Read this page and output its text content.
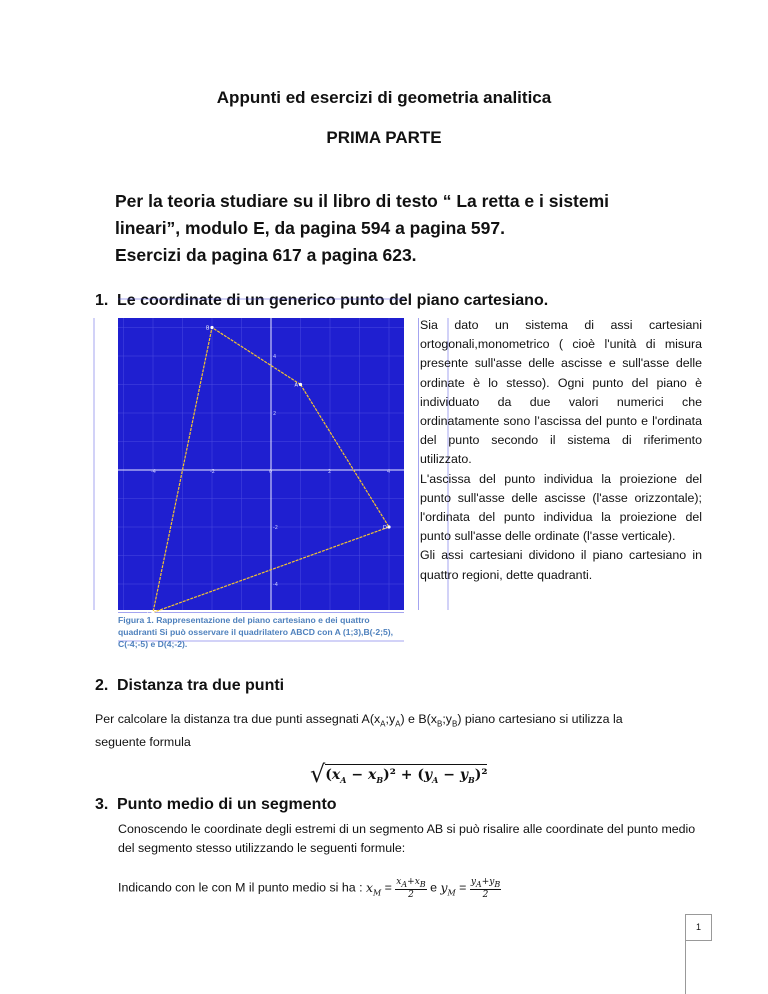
Appunti ed esercizi di geometria analitica
PRIMA PARTE
Per la teoria studiare su il libro di testo “ La retta e i sistemi
lineari”, modulo E, da pagina 594 a pagina 597.
Esercizi da pagina 617 a pagina 623.
1. Le coordinate di un generico punto del piano cartesiano.
-4	-2	0	2	4
4
2
-2
-4
A
B
C
D
Figura 1. Rappresentazione del piano cartesiano e dei quattro quadranti Si può osservare il quadrilatero ABCD con A (1;3),B(-2;5), C(-4;-5) e D(4;-2).

Sia dato un sistema di assi cartesiani ortogonali,monometrico ( cioè l'unità di misura presente sull'asse delle ascisse e sull'asse delle ordinate è lo stesso). Ogni punto del piano è individuato da due valori numerici che ordinatamente sono l’ascissa del punto e l'ordinata del punto secondo il sistema di riferimento utilizzato.

L'ascissa del punto individua la proiezione del punto sull'asse delle ascisse (l'asse orizzontale); l'ordinata del punto individua la proiezione del punto sull'asse delle ordinate (l'asse verticale).

Gli assi cartesiani dividono il piano cartesiano in quattro regioni, dette quadranti.

2. Distanza tra due punti
Per calcolare la distanza tra due punti assegnati $A(x_A;y_A)$ e $B(x_B;y_B)$ piano cartesiano si utilizza la
seguente formula
$√(x_A - x_B)^2 + (y_A - y_B)^2$
3. Punto medio di un segmento
Conoscendo le coordinate degli estremi di un segmento AB si può risalire alle coordinate del punto medio del segmento stesso utilizzando le seguenti formule:
Indicando con le con M il punto medio si ha : $x_M = \frac{x_A+x_B}{2}$ e $y_M = \frac{y_A+y_B}{2}$
1
